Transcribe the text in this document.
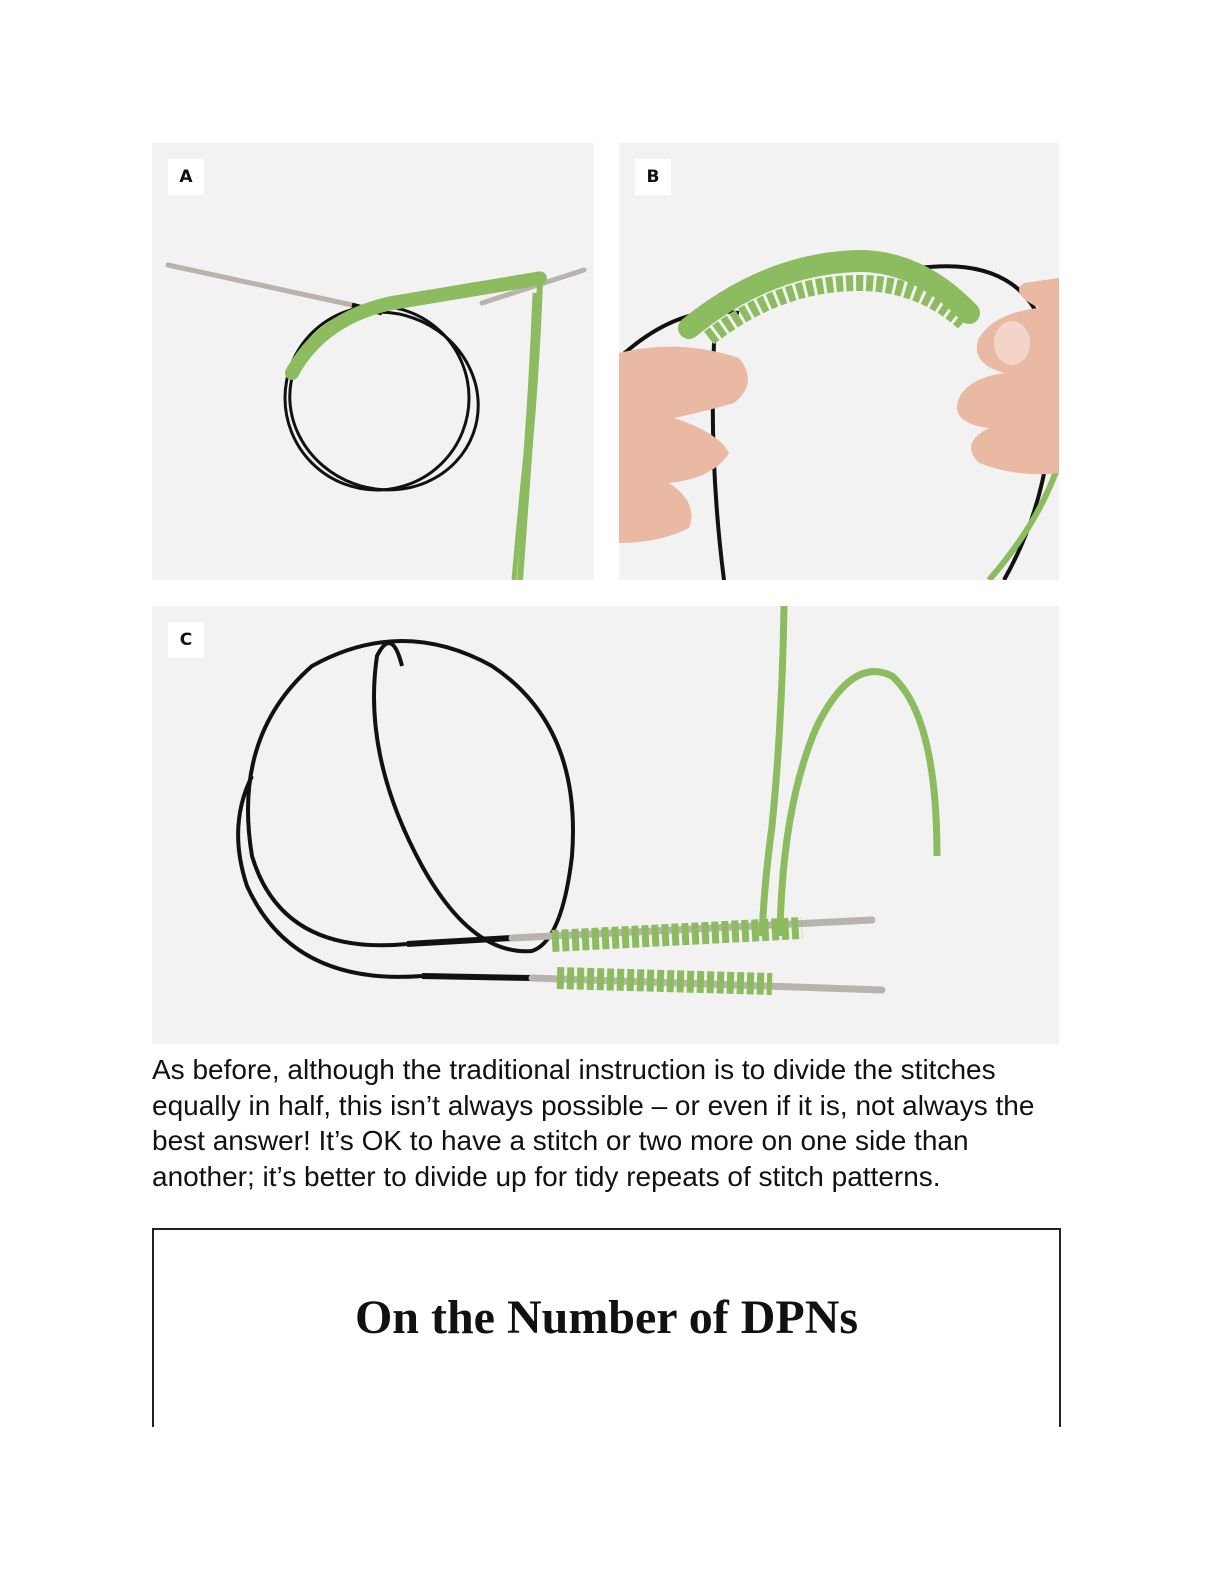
A	B
C

As before, although the traditional instruction is to divide the stitches equally in half, this isn’t always possible – or even if it is, not always the best answer! It’s OK to have a stitch or two more on one side than another; it’s better to divide up for tidy repeats of stitch patterns.

On the Number of DPNs
